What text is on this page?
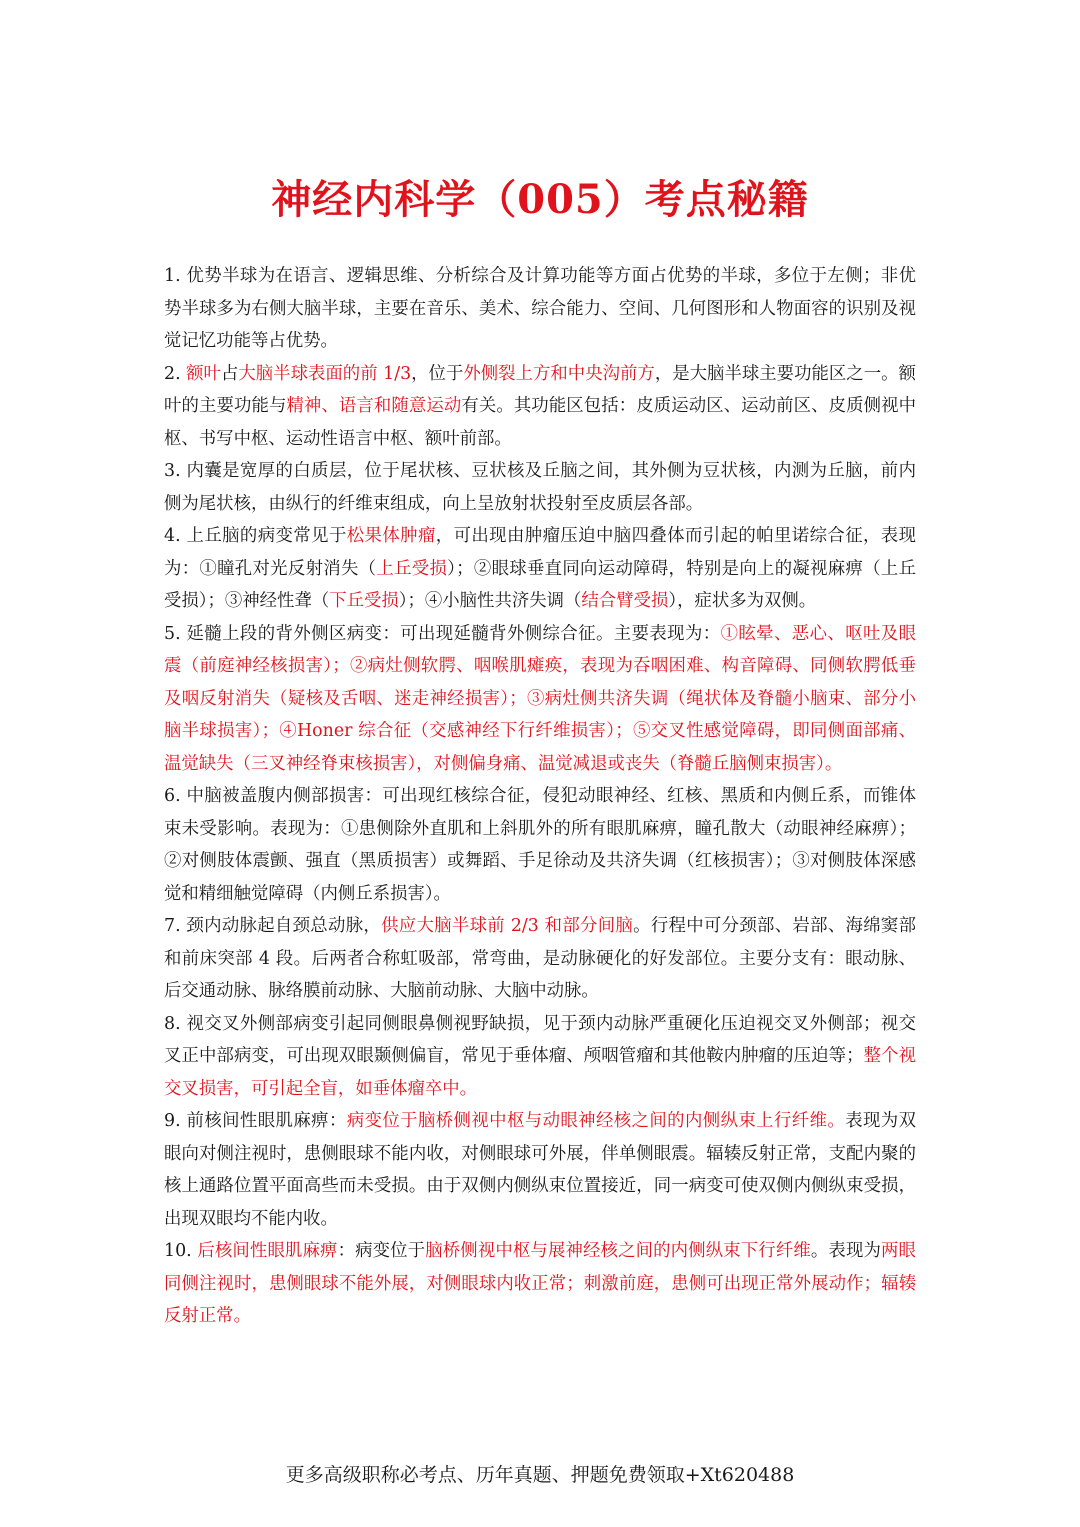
神经内科学（005）考点秘籍

1. 优势半球为在语言、逻辑思维、分析综合及计算功能等方面占优势的半球，多位于左侧；非优势半球多为右侧大脑半球，主要在音乐、美术、综合能力、空间、几何图形和人物面容的识别及视觉记忆功能等占优势。

2. 额叶占大脑半球表面的前 1/3，位于外侧裂上方和中央沟前方，是大脑半球主要功能区之一。额叶的主要功能与精神、语言和随意运动有关。其功能区包括：皮质运动区、运动前区、皮质侧视中枢、书写中枢、运动性语言中枢、额叶前部。

3. 内囊是宽厚的白质层，位于尾状核、豆状核及丘脑之间，其外侧为豆状核，内测为丘脑，前内侧为尾状核，由纵行的纤维束组成，向上呈放射状投射至皮质层各部。

4. 上丘脑的病变常见于松果体肿瘤，可出现由肿瘤压迫中脑四叠体而引起的帕里诺综合征，表现为：①瞳孔对光反射消失（上丘受损）；②眼球垂直同向运动障碍，特别是向上的凝视麻痹（上丘受损）；③神经性聋（下丘受损）；④小脑性共济失调（结合臂受损），症状多为双侧。

5. 延髓上段的背外侧区病变：可出现延髓背外侧综合征。主要表现为：①眩晕、恶心、呕吐及眼震（前庭神经核损害）；②病灶侧软腭、咽喉肌瘫痪，表现为吞咽困难、构音障碍、同侧软腭低垂及咽反射消失（疑核及舌咽、迷走神经损害）；③病灶侧共济失调（绳状体及脊髓小脑束、部分小脑半球损害）；④Honer 综合征（交感神经下行纤维损害）；⑤交叉性感觉障碍，即同侧面部痛、温觉缺失（三叉神经脊束核损害），对侧偏身痛、温觉减退或丧失（脊髓丘脑侧束损害）。

6. 中脑被盖腹内侧部损害：可出现红核综合征，侵犯动眼神经、红核、黑质和内侧丘系，而锥体束未受影响。表现为：①患侧除外直肌和上斜肌外的所有眼肌麻痹，瞳孔散大（动眼神经麻痹）；②对侧肢体震颤、强直（黑质损害）或舞蹈、手足徐动及共济失调（红核损害）；③对侧肢体深感觉和精细触觉障碍（内侧丘系损害）。

7. 颈内动脉起自颈总动脉，供应大脑半球前 2/3 和部分间脑。行程中可分颈部、岩部、海绵窦部和前床突部 4 段。后两者合称虹吸部，常弯曲，是动脉硬化的好发部位。主要分支有：眼动脉、后交通动脉、脉络膜前动脉、大脑前动脉、大脑中动脉。

8. 视交叉外侧部病变引起同侧眼鼻侧视野缺损，见于颈内动脉严重硬化压迫视交叉外侧部；视交叉正中部病变，可出现双眼颞侧偏盲，常见于垂体瘤、颅咽管瘤和其他鞍内肿瘤的压迫等；整个视交叉损害，可引起全盲，如垂体瘤卒中。

9. 前核间性眼肌麻痹：病变位于脑桥侧视中枢与动眼神经核之间的内侧纵束上行纤维。表现为双眼向对侧注视时，患侧眼球不能内收，对侧眼球可外展，伴单侧眼震。辐辏反射正常，支配内聚的核上通路位置平面高些而未受损。由于双侧内侧纵束位置接近，同一病变可使双侧内侧纵束受损，出现双眼均不能内收。

10. 后核间性眼肌麻痹：病变位于脑桥侧视中枢与展神经核之间的内侧纵束下行纤维。表现为两眼同侧注视时，患侧眼球不能外展，对侧眼球内收正常；刺激前庭，患侧可出现正常外展动作；辐辏反射正常。

更多高级职称必考点、历年真题、押题免费领取+Xt620488
